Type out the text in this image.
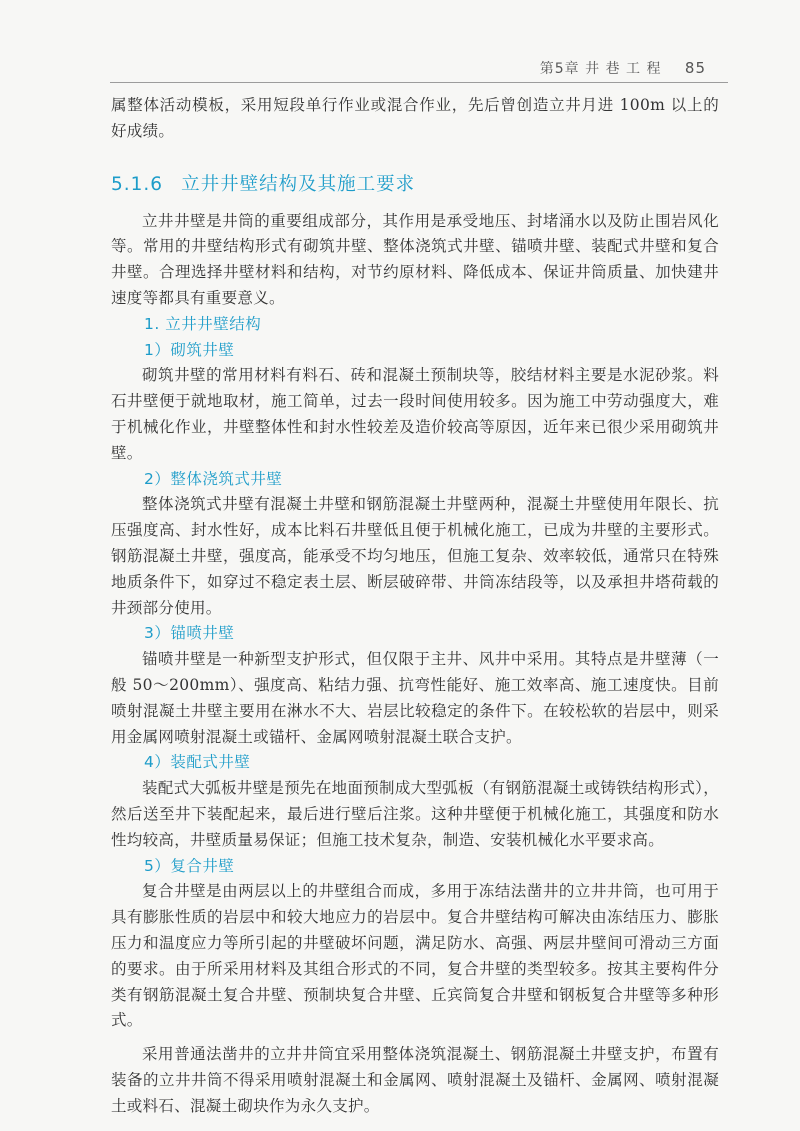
第5章 井 巷 工 程 85

属整体活动模板，采用短段单行作业或混合作业，先后曾创造立井月进 100m 以上的好成绩。

5.1.6 立井井壁结构及其施工要求

立井井壁是井筒的重要组成部分，其作用是承受地压、封堵涌水以及防止围岩风化等。常用的井壁结构形式有砌筑井壁、整体浇筑式井壁、锚喷井壁、装配式井壁和复合井壁。合理选择井壁材料和结构，对节约原材料、降低成本、保证井筒质量、加快建井速度等都具有重要意义。

1. 立井井壁结构
1）砌筑井壁

砌筑井壁的常用材料有料石、砖和混凝土预制块等，胶结材料主要是水泥砂浆。料石井壁便于就地取材，施工简单，过去一段时间使用较多。因为施工中劳动强度大，难于机械化作业，井壁整体性和封水性较差及造价较高等原因，近年来已很少采用砌筑井壁。

2）整体浇筑式井壁

整体浇筑式井壁有混凝土井壁和钢筋混凝土井壁两种，混凝土井壁使用年限长、抗压强度高、封水性好，成本比料石井壁低且便于机械化施工，已成为井壁的主要形式。钢筋混凝土井壁，强度高，能承受不均匀地压，但施工复杂、效率较低，通常只在特殊地质条件下，如穿过不稳定表土层、断层破碎带、井筒冻结段等，以及承担井塔荷载的井颈部分使用。

3）锚喷井壁

锚喷井壁是一种新型支护形式，但仅限于主井、风井中采用。其特点是井壁薄（一般 50～200mm）、强度高、粘结力强、抗弯性能好、施工效率高、施工速度快。目前喷射混凝土井壁主要用在淋水不大、岩层比较稳定的条件下。在较松软的岩层中，则采用金属网喷射混凝土或锚杆、金属网喷射混凝土联合支护。

4）装配式井壁

装配式大弧板井壁是预先在地面预制成大型弧板（有钢筋混凝土或铸铁结构形式），然后送至井下装配起来，最后进行壁后注浆。这种井壁便于机械化施工，其强度和防水性均较高，井壁质量易保证；但施工技术复杂，制造、安装机械化水平要求高。

5）复合井壁

复合井壁是由两层以上的井壁组合而成，多用于冻结法凿井的立井井筒，也可用于具有膨胀性质的岩层中和较大地应力的岩层中。复合井壁结构可解决由冻结压力、膨胀压力和温度应力等所引起的井壁破坏问题，满足防水、高强、两层井壁间可滑动三方面的要求。由于所采用材料及其组合形式的不同，复合井壁的类型较多。按其主要构件分类有钢筋混凝土复合井壁、预制块复合井壁、丘宾筒复合井壁和钢板复合井壁等多种形式。

采用普通法凿井的立井井筒宜采用整体浇筑混凝土、钢筋混凝土井壁支护，布置有装备的立井井筒不得采用喷射混凝土和金属网、喷射混凝土及锚杆、金属网、喷射混凝土或料石、混凝土砌块作为永久支护。
